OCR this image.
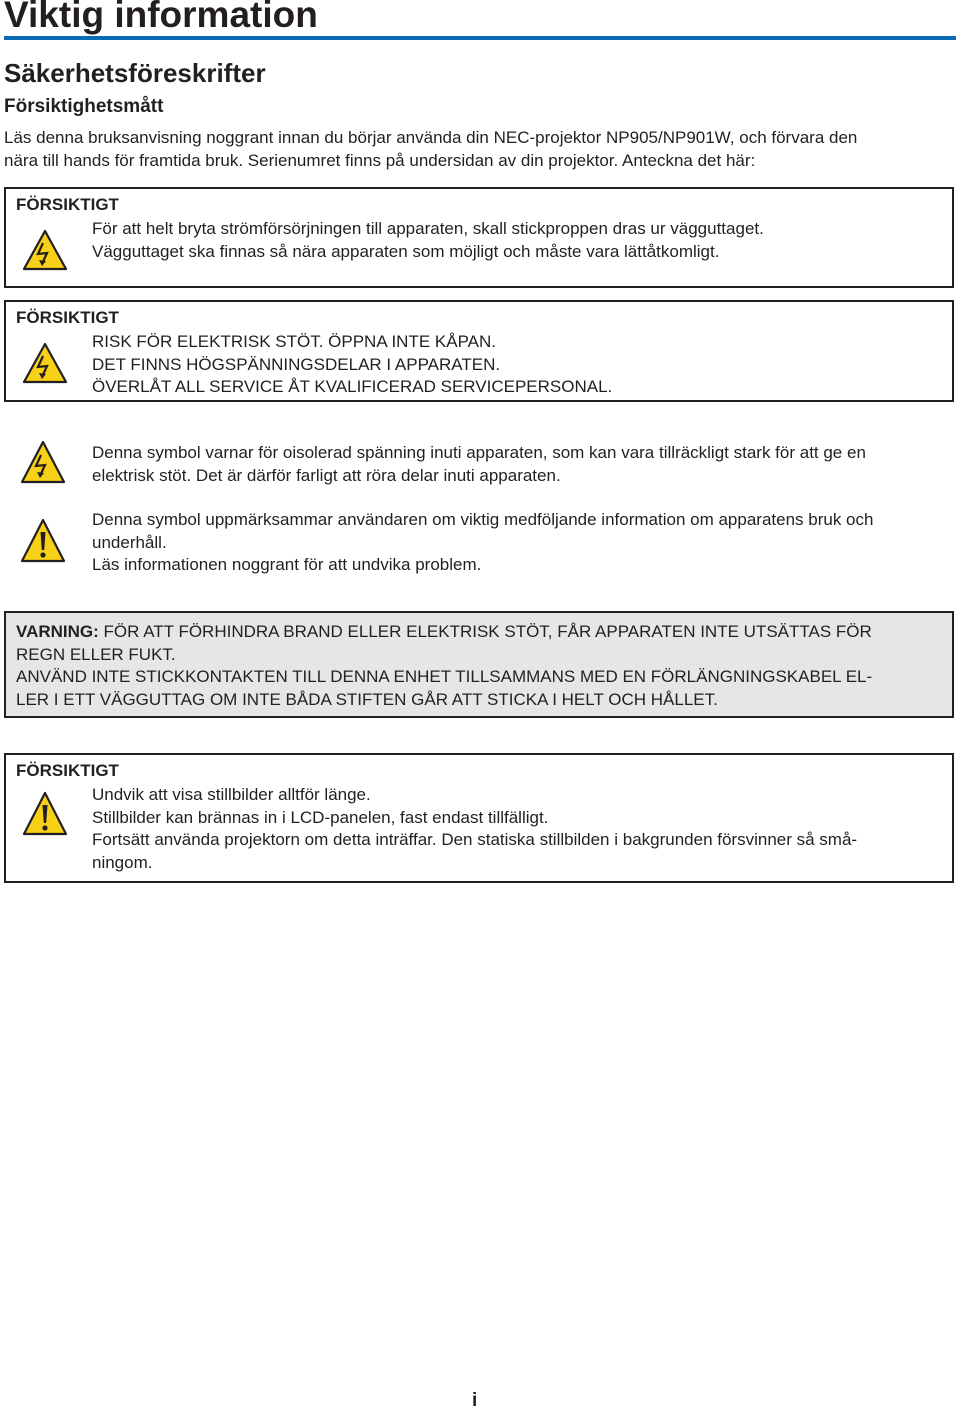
Viktig information
Säkerhetsföreskrifter
Försiktighetsmått

Läs denna bruksanvisning noggrant innan du börjar använda din NEC-projektor NP905/NP901W, och förvara den
nära till hands för framtida bruk. Serienumret finns på undersidan av din projektor. Anteckna det här:

FÖRSIKTIGT

För att helt bryta strömförsörjningen till apparaten, skall stickproppen dras ur vägguttaget.
Vägguttaget ska finnas så nära apparaten som möjligt och måste vara lättåtkomligt.

FÖRSIKTIGT

RISK FÖR ELEKTRISK STÖT. ÖPPNA INTE KÅPAN.
DET FINNS HÖGSPÄNNINGSDELAR I APPARATEN.
ÖVERLÅT ALL SERVICE ÅT KVALIFICERAD SERVICEPERSONAL.

Denna symbol varnar för oisolerad spänning inuti apparaten, som kan vara tillräckligt stark för att ge en
elektrisk stöt. Det är därför farligt att röra delar inuti apparaten.

Denna symbol uppmärksammar användaren om viktig medföljande information om apparatens bruk och
underhåll.
Läs informationen noggrant för att undvika problem.

VARNING: FÖR ATT FÖRHINDRA BRAND ELLER ELEKTRISK STÖT, FÅR APPARATEN INTE UTSÄTTAS FÖR
REGN ELLER FUKT.
ANVÄND INTE STICKKONTAKTEN TILL DENNA ENHET TILLSAMMANS MED EN FÖRLÄNGNINGSKABEL EL-
LER I ETT VÄGGUTTAG OM INTE BÅDA STIFTEN GÅR ATT STICKA I HELT OCH HÅLLET.

FÖRSIKTIGT

Undvik att visa stillbilder alltför länge.
Stillbilder kan brännas in i LCD-panelen, fast endast tillfälligt.
Fortsätt använda projektorn om detta inträffar. Den statiska stillbilden i bakgrunden försvinner så små-
ningom.

i
